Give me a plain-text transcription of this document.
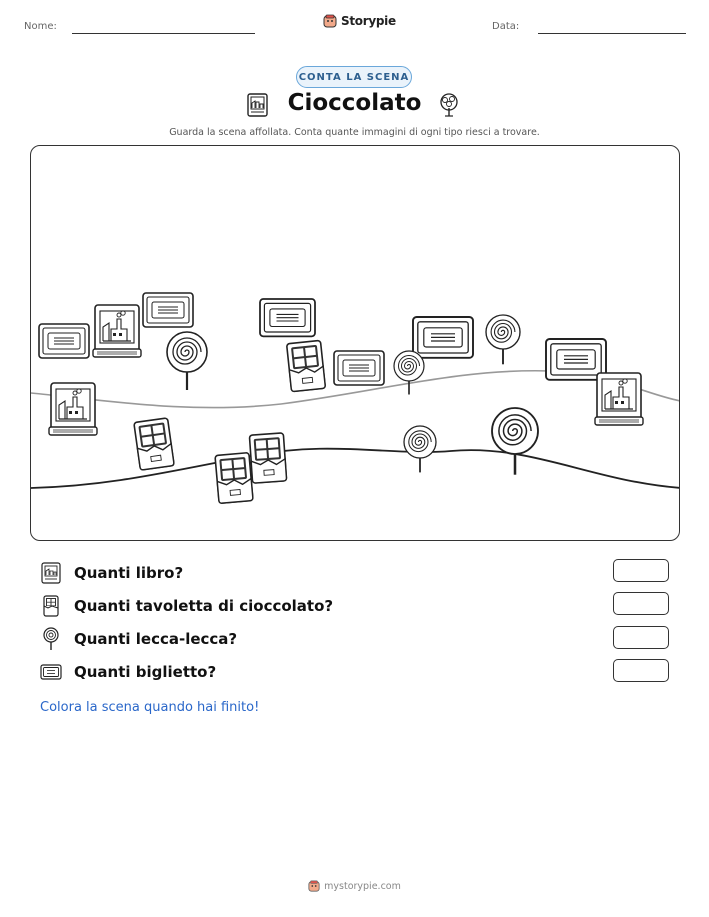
Nome:	Storypie	Data:
CONTA LA SCENA
Cioccolato
Guarda la scena affollata. Conta quante immagini di ogni tipo riesci a trovare.
Quanti libro?
Quanti tavoletta di cioccolato?
Quanti lecca-lecca?
Quanti biglietto?
Colora la scena quando hai finito!
mystorypie.com
